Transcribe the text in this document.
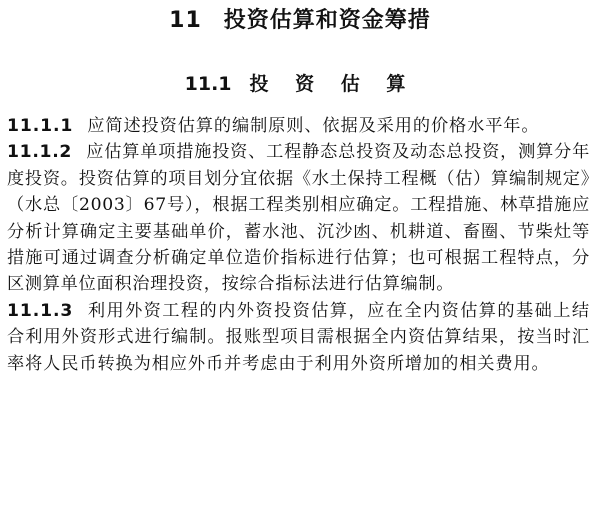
11 投资估算和资金筹措
11.1 投 资 估 算

11.1.1 应简述投资估算的编制原则、依据及采用的价格水平年。

11.1.2 应估算单项措施投资、工程静态总投资及动态总投资，测算分年度投资。投资估算的项目划分宜依据《水土保持工程概（估）算编制规定》（水总〔2003〕67号），根据工程类别相应确定。工程措施、林草措施应分析计算确定主要基础单价，蓄水池、沉沙凼、机耕道、畜圈、节柴灶等措施可通过调查分析确定单位造价指标进行估算；也可根据工程特点，分区测算单位面积治理投资，按综合指标法进行估算编制。

11.1.3 利用外资工程的内外资投资估算，应在全内资估算的基础上结合利用外资形式进行编制。报账型项目需根据全内资估算结果，按当时汇率将人民币转换为相应外币并考虑由于利用外资所增加的相关费用。
